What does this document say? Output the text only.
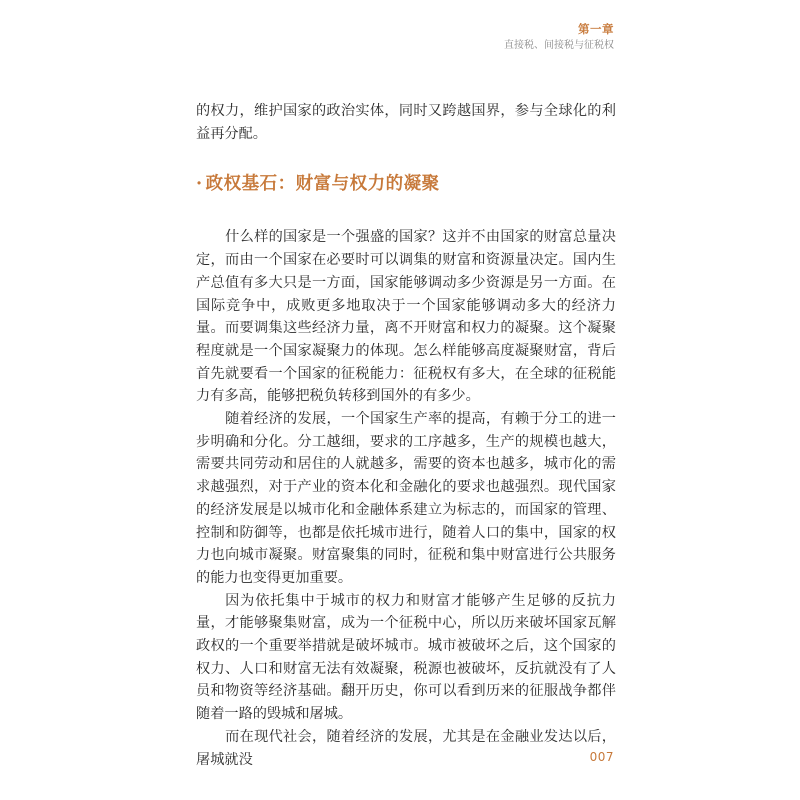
第一章
直接税、间接税与征税权

的权力，维护国家的政治实体，同时又跨越国界，参与全球化的利益再分配。

· 政权基石：财富与权力的凝聚

什么样的国家是一个强盛的国家？这并不由国家的财富总量决定，而由一个国家在必要时可以调集的财富和资源量决定。国内生产总值有多大只是一方面，国家能够调动多少资源是另一方面。在国际竞争中，成败更多地取决于一个国家能够调动多大的经济力量。而要调集这些经济力量，离不开财富和权力的凝聚。这个凝聚程度就是一个国家凝聚力的体现。怎么样能够高度凝聚财富，背后首先就要看一个国家的征税能力：征税权有多大，在全球的征税能力有多高，能够把税负转移到国外的有多少。

随着经济的发展，一个国家生产率的提高，有赖于分工的进一步明确和分化。分工越细，要求的工序越多，生产的规模也越大，需要共同劳动和居住的人就越多，需要的资本也越多，城市化的需求越强烈，对于产业的资本化和金融化的要求也越强烈。现代国家的经济发展是以城市化和金融体系建立为标志的，而国家的管理、控制和防御等，也都是依托城市进行，随着人口的集中，国家的权力也向城市凝聚。财富聚集的同时，征税和集中财富进行公共服务的能力也变得更加重要。

因为依托集中于城市的权力和财富才能够产生足够的反抗力量，才能够聚集财富，成为一个征税中心，所以历来破坏国家瓦解政权的一个重要举措就是破坏城市。城市被破坏之后，这个国家的权力、人口和财富无法有效凝聚，税源也被破坏，反抗就没有了人员和物资等经济基础。翻开历史，你可以看到历来的征服战争都伴随着一路的毁城和屠城。

而在现代社会，随着经济的发展，尤其是在金融业发达以后，屠城就没	007
